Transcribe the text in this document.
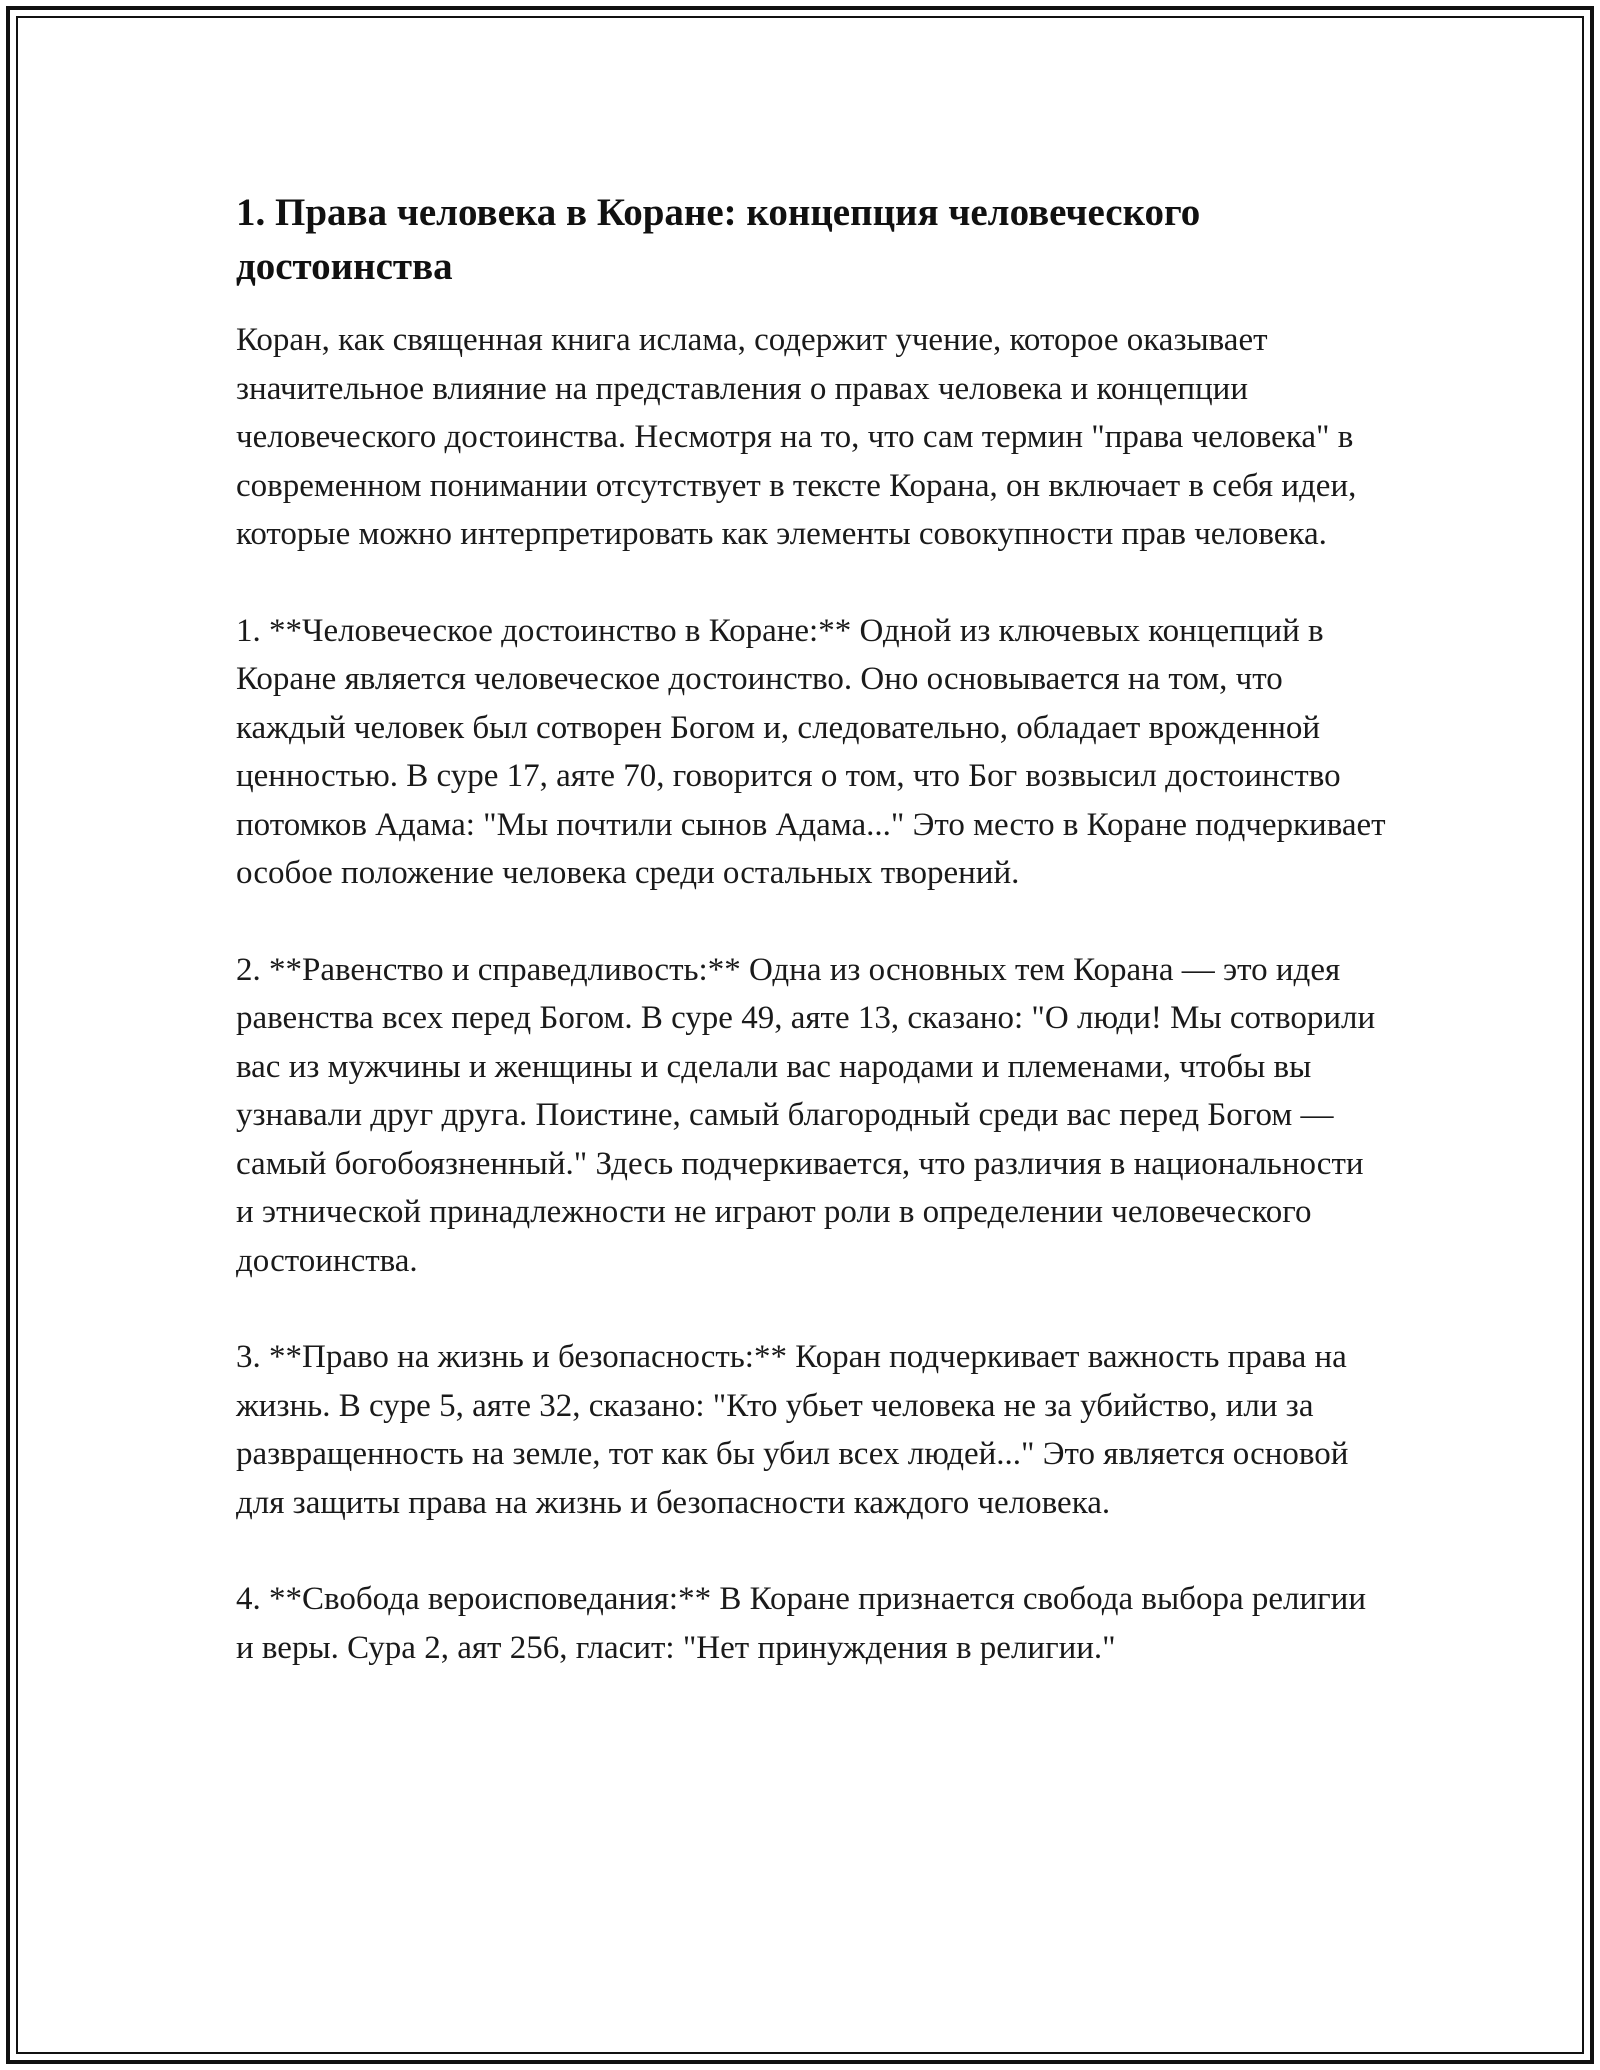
1. Права человека в Коране: концепция человеческого достоинства

Коран, как священная книга ислама, содержит учение, которое оказывает значительное влияние на представления о правах человека и концепции человеческого достоинства. Несмотря на то, что сам термин "права человека" в современном понимании отсутствует в тексте Корана, он включает в себя идеи, которые можно интерпретировать как элементы совокупности прав человека.

1. **Человеческое достоинство в Коране:** Одной из ключевых концепций в Коране является человеческое достоинство. Оно основывается на том, что каждый человек был сотворен Богом и, следовательно, обладает врожденной ценностью. В суре 17, аяте 70, говорится о том, что Бог возвысил достоинство потомков Адама: "Мы почтили сынов Адама..." Это место в Коране подчеркивает особое положение человека среди остальных творений.

2. **Равенство и справедливость:** Одна из основных тем Корана — это идея равенства всех перед Богом. В суре 49, аяте 13, сказано: "О люди! Мы сотворили вас из мужчины и женщины и сделали вас народами и племенами, чтобы вы узнавали друг друга. Поистине, самый благородный среди вас перед Богом — самый богобоязненный." Здесь подчеркивается, что различия в национальности и этнической принадлежности не играют роли в определении человеческого достоинства.

3. **Право на жизнь и безопасность:** Коран подчеркивает важность права на жизнь. В суре 5, аяте 32, сказано: "Кто убьет человека не за убийство, или за развращенность на земле, тот как бы убил всех людей..." Это является основой для защиты права на жизнь и безопасности каждого человека.

4. **Свобода вероисповедания:** В Коране признается свобода выбора религии и веры. Сура 2, аят 256, гласит: "Нет принуждения в религии."
